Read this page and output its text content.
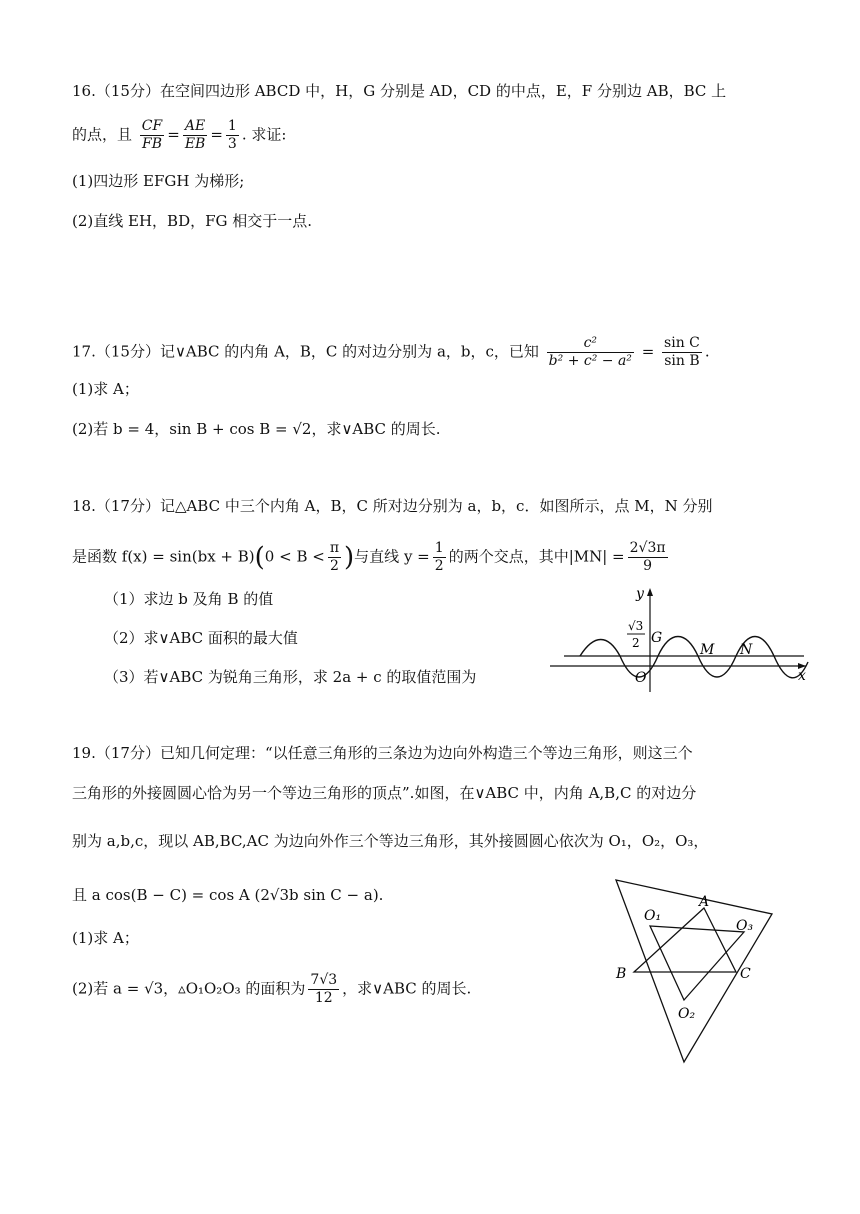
16.（15分）在空间四边形 ABCD 中，H，G 分别是 AD，CD 的中点，E，F 分别边 AB，BC 上
的点，且 $\frac{CF}{FB} = \frac{AE}{EB} = \frac{1}{3}$ . 求证:
(1)四边形 EFGH 为梯形;
(2)直线 EH，BD，FG 相交于一点.
17.（15分）记∨ABC 的内角 A，B，C 的对边分别为 a，b，c，已知 $\frac{\text{c²}}{\text{b² + c² − a²}} = \frac{\text{sin C}}{\text{sin B}}$ .
(1)求 A；
(2)若 b = 4，sin B + cos B = √2，求∨ABC 的周长.
18.（17分）记△ABC 中三个内角 A，B，C 所对边分别为 a，b，c．如图所示，点 M，N 分别
是函数 $f(x) = \sin(bx + B)(0 < B < \frac{\pi}{2}$ )与直线 $y = \frac{1}{2}$ 的两个交点，其中$|MN| = \frac{2√3\pi}{9}$
（1）求边 b 及角 B 的值
（2）求∨ABC 面积的最大值
（3）若∨ABC 为锐角三角形，求 2a + c 的取值范围为
y
x
O
G
M N
√3
2
19.（17分）已知几何定理：“以任意三角形的三条边为边向外构造三个等边三角形，则这三个
三角形的外接圆圆心恰为另一个等边三角形的顶点”.如图，在∨ABC 中，内角 A,B,C 的对边分
别为 a,b,c，现以 AB,BC,AC 为边向外作三个等边三角形，其外接圆圆心依次为 O₁，O₂，O₃，
且 a cos(B − C) = cos A (2√3b sin C − a).
(1)求 A；
(2)若 a = √3，▵O₁O₂O₃ 的面积为 $\frac{7√3}{12}$ ，求∨ABC 的周长.
A
B	C
O₁
O₂
O₃
